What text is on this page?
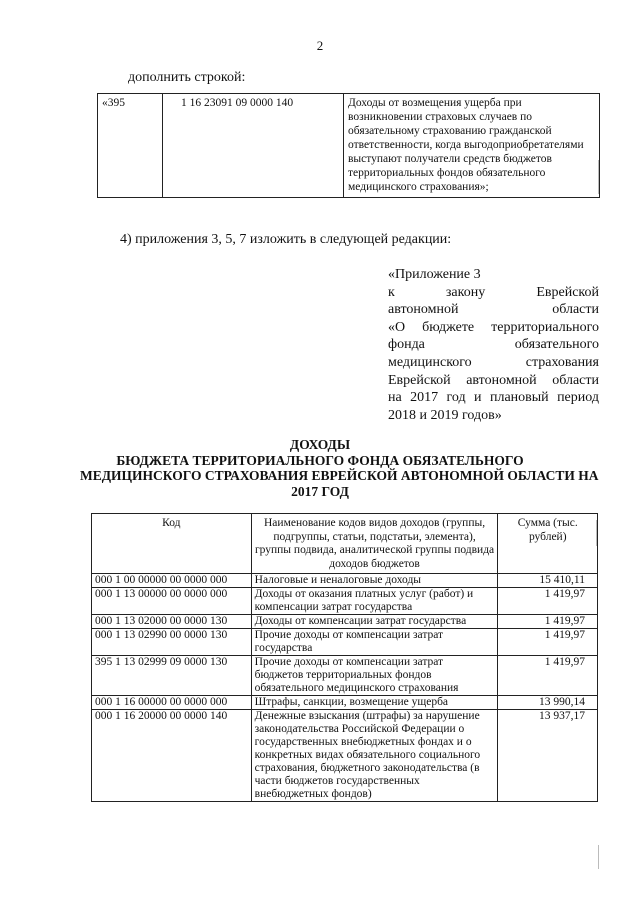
2
дополнить строкой:
«395	1 16 23091 09 0000 140	Доходы от возмещения ущерба при возникновении страховых случаев по обязательному страхованию гражданской ответственности, когда выгодоприобретателями выступают получатели средств бюджетов территориальных фондов обязательного медицинского страхования»;
4) приложения 3, 5, 7 изложить в следующей редакции:
«Приложение 3
к закону Еврейской
автономной области
«О бюджете территориального
фонда обязательного
медицинского страхования
Еврейской автономной области
на 2017 год и плановый период
2018 и 2019 годов»
ДОХОДЫ
БЮДЖЕТА ТЕРРИТОРИАЛЬНОГО ФОНДА ОБЯЗАТЕЛЬНОГО
МЕДИЦИНСКОГО СТРАХОВАНИЯ ЕВРЕЙСКОЙ АВТОНОМНОЙ ОБЛАСТИ НА
2017 ГОД
Код	Наименование кодов видов доходов (группы, подгруппы, статьи, подстатьи, элемента), группы подвида, аналитической группы подвида доходов бюджетов	Сумма (тыс. рублей)
000 1 00 00000 00 0000 000	Налоговые и неналоговые доходы	15 410,11
000 1 13 00000 00 0000 000	Доходы от оказания платных услуг (работ) и компенсации затрат государства	1 419,97
000 1 13 02000 00 0000 130	Доходы от компенсации затрат государства	1 419,97
000 1 13 02990 00 0000 130	Прочие доходы от компенсации затрат государства	1 419,97
395 1 13 02999 09 0000 130	Прочие доходы от компенсации затрат бюджетов территориальных фондов обязательного медицинского страхования	1 419,97
000 1 16 00000 00 0000 000	Штрафы, санкции, возмещение ущерба	13 990,14
000 1 16 20000 00 0000 140	Денежные взыскания (штрафы) за нарушение законодательства Российской Федерации о государственных внебюджетных фондах и о конкретных видах обязательного социального страхования, бюджетного законодательства (в части бюджетов государственных внебюджетных фондов)	13 937,17
